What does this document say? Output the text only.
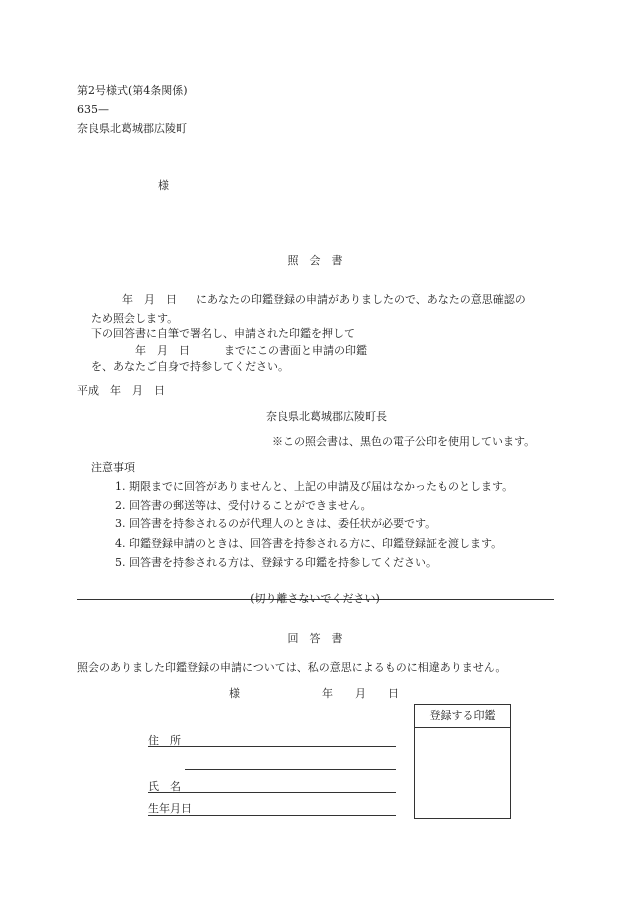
第2号様式(第4条関係)
635—
奈良県北葛城郡広陵町
様
照　会　書
年　月　日 にあなたの印鑑登録の申請がありましたので、あなたの意思確認の
ため照会します。
下の回答書に自筆で署名し、申請された印鑑を押して
年　月　日	までにこの書面と申請の印鑑
を、あなたご自身で持参してください。
平成　年　月　日
奈良県北葛城郡広陵町長
※この照会書は、黒色の電子公印を使用しています。
注意事項
1. 期限までに回答がありませんと、上記の申請及び届はなかったものとします。
2. 回答書の郵送等は、受付けることができません。
3. 回答書を持参されるのが代理人のときは、委任状が必要です。
4. 印鑑登録申請のときは、回答書を持参される方に、印鑑登録証を渡します。
5. 回答書を持参される方は、登録する印鑑を持参してください。
(切り離さないでください)
回　答　書
照会のありました印鑑登録の申請については、私の意思によるものに相違ありません。
様	年　　月　　日
登録する印鑑
住　所
氏　名
生年月日
